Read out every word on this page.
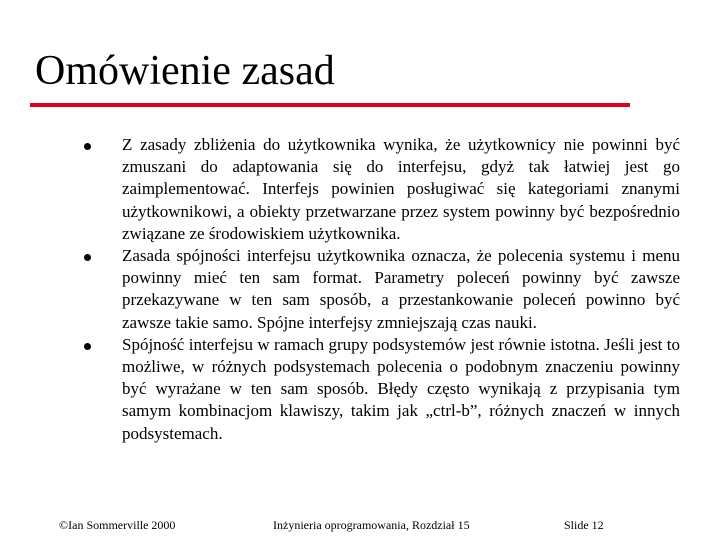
Omówienie zasad
Z zasady zbliżenia do użytkownika wynika, że użytkownicy nie powinni być zmuszani do adaptowania się do interfejsu, gdyż tak łatwiej jest go zaimplementować. Interfejs powinien posługiwać się kategoriami znanymi użytkownikowi, a obiekty przetwarzane przez system powinny być bezpośrednio związane ze środowiskiem użytkownika.
Zasada spójności interfejsu użytkownika oznacza, że polecenia systemu i menu powinny mieć ten sam format. Parametry poleceń powinny być zawsze przekazywane w ten sam sposób, a przestankowanie poleceń powinno być zawsze takie samo. Spójne interfejsy zmniejszają czas nauki.
Spójność interfejsu w ramach grupy podsystemów jest równie istotna. Jeśli jest to możliwe, w różnych podsystemach polecenia o podobnym znaczeniu powinny być wyrażane w ten sam sposób. Błędy często wynikają z przypisania tym samym kombinacjom klawiszy, takim jak „ctrl-b”, różnych znaczeń w innych podsystemach.
©Ian Sommerville 2000	Inżynieria oprogramowania, Rozdział 15	Slide 12
